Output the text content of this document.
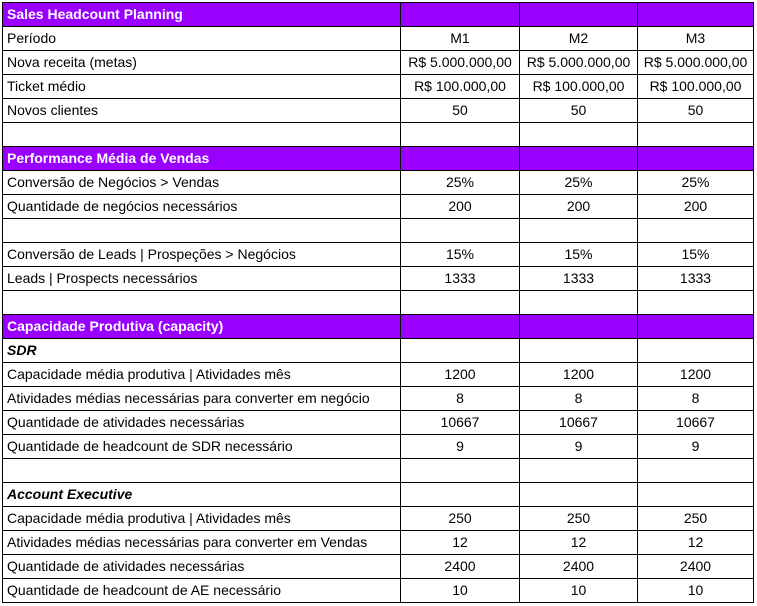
Sales Headcount Planning			
Período	M1	M2	M3
Nova receita (metas)	R$ 5.000.000,00	R$ 5.000.000,00	R$ 5.000.000,00
Ticket médio	R$ 100.000,00	R$ 100.000,00	R$ 100.000,00
Novos clientes	50	50	50

Performance Média de Vendas			
Conversão de Negócios > Vendas	25%	25%	25%
Quantidade de negócios necessários	200	200	200

Conversão de Leads | Prospeções > Negócios	15%	15%	15%
Leads | Prospects necessários	1333	1333	1333

Capacidade Produtiva (capacity)			
SDR			
Capacidade média produtiva | Atividades mês	1200	1200	1200
Atividades médias necessárias para converter em negócio	8	8	8
Quantidade de atividades necessárias	10667	10667	10667
Quantidade de headcount de SDR necessário	9	9	9

Account Executive			
Capacidade média produtiva | Atividades mês	250	250	250
Atividades médias necessárias para converter em Vendas	12	12	12
Quantidade de atividades necessárias	2400	2400	2400
Quantidade de headcount de AE necessário	10	10	10
